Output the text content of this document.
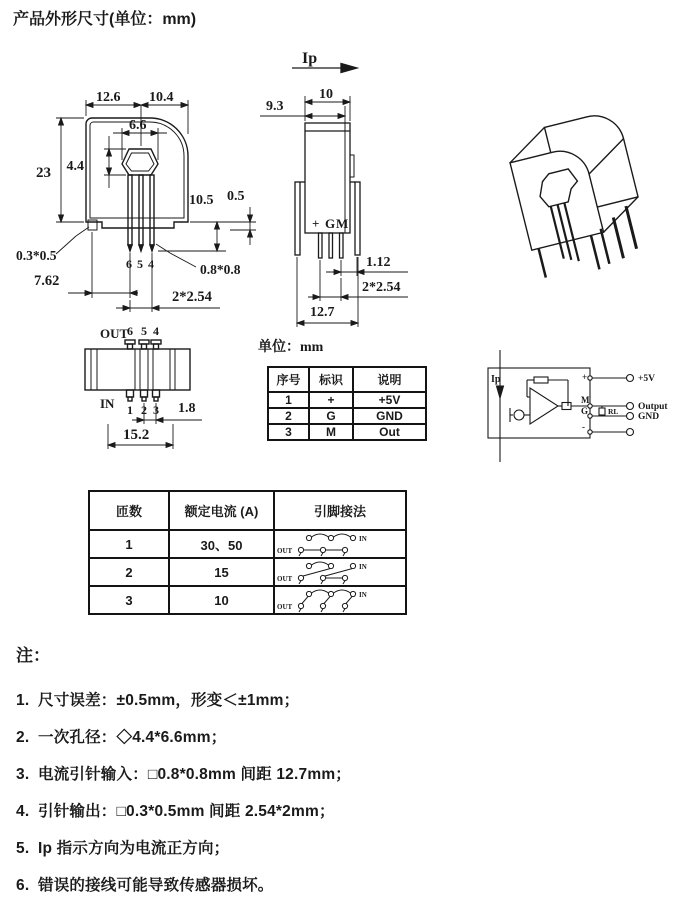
产品外形尺寸(单位：mm)
12.6 10.4
6.6
4.4
23
10.5 0.5
0.3*0.5
7.62
6 5 4	0.8*0.8
2*2.54
Ip
10
9.3
+ G M
1.12
2*2.54
12.7
OUT
6 5 4
IN 1 2 3 1.8
15.2
单位：mm
序号	标识	说明
1	+	+5V
2	G	GND
3	M	Out
Ip	+
M
G
-
+5V
Output
GND
RL
匝数	额定电流 (A)	引脚接法
1	30、50	IN
OUT

2	15	IN
OUT

3	10	IN
OUT
注：
1. 尺寸误差：±0.5mm，形变＜±1mm；
2. 一次孔径：◇4.4*6.6mm；
3. 电流引针输入：□0.8*0.8mm 间距 12.7mm；
4. 引针输出：□0.3*0.5mm 间距 2.54*2mm；
5. Ip 指示方向为电流正方向；
6. 错误的接线可能导致传感器损坏。
